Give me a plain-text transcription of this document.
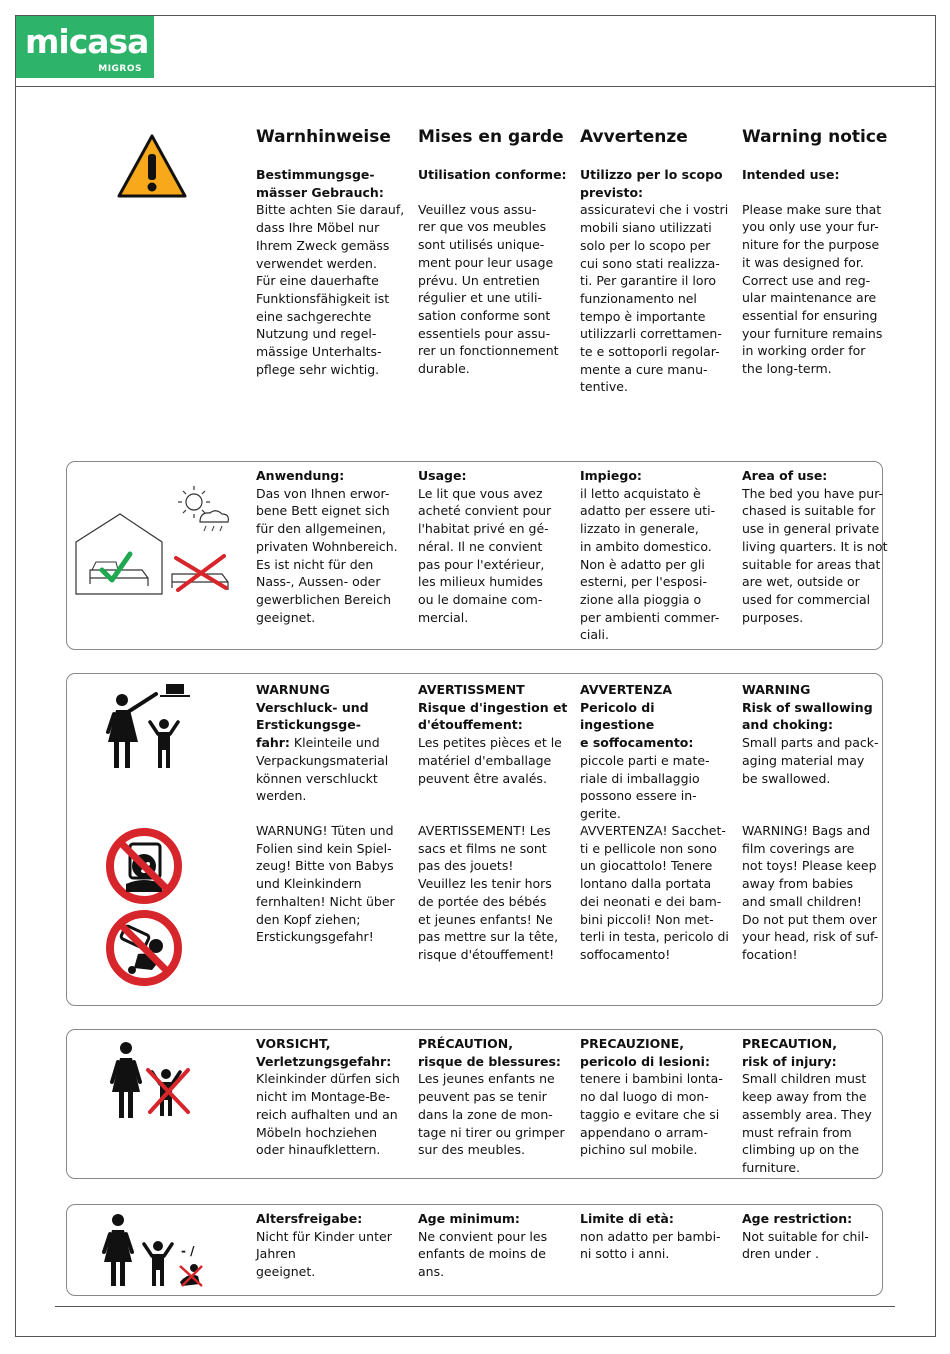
micasa
MIGROS
Warnhinweise	Mises en garde Avvertenze	Warning notice
Bestimmungsge-
mässer Gebrauch:
Bitte achten Sie darauf,
dass Ihre Möbel nur
Ihrem Zweck gemäss
verwendet werden.
Für eine dauerhafte
Funktionsfähigkeit ist
eine sachgerechte
Nutzung und regel-
mässige Unterhalts-
pflege sehr wichtig.
Utilisation conforme:
Veuillez vous assu-
rer que vos meubles
sont utilisés unique-
ment pour leur usage
prévu. Un entretien
régulier et une utili-
sation conforme sont
essentiels pour assu-
rer un fonctionnement
durable.
Utilizzo per lo scopo
previsto:
assicuratevi che i vostri
mobili siano utilizzati
solo per lo scopo per
cui sono stati realizza-
ti. Per garantire il loro
funzionamento nel
tempo è importante
utilizzarli correttamen-
te e sottoporli regolar-
mente a cure manu-
tentive.
Intended use:
Please make sure that
you only use your fur-
niture for the purpose
it was designed for.
Correct use and reg-
ular maintenance are
essential for ensuring
your furniture remains
in working order for
the long-term.
Anwendung:
Das von Ihnen erwor-
bene Bett eignet sich
für den allgemeinen,
privaten Wohnbereich.
Es ist nicht für den
Nass-, Aussen- oder
gewerblichen Bereich
geeignet.
Usage:
Le lit que vous avez
acheté convient pour
l'habitat privé en gé-
néral. Il ne convient
pas pour l'extérieur,
les milieux humides
ou le domaine com-
mercial.
Impiego:
il letto acquistato è
adatto per essere uti-
lizzato in generale,
in ambito domestico.
Non è adatto per gli
esterni, per l'esposi-
zione alla pioggia o
per ambienti commer-
ciali.
Area of use:
The bed you have pur-
chased is suitable for
use in general private
living quarters. It is not
suitable for areas that
are wet, outside or
used for commercial
purposes.
WARNUNG
Verschluck- und
Erstickungsge-
fahr: Kleinteile und
Verpackungsmaterial
können verschluckt
werden.
AVERTISSMENT
Risque d'ingestion et
d'étouffement:
Les petites pièces et le
matériel d'emballage
peuvent être avalés.
AVVERTENZA
Pericolo di ingestione
e soffocamento:
piccole parti e mate-
riale di imballaggio
possono essere in-
gerite.
WARNING
Risk of swallowing
and choking:
Small parts and pack-
aging material may
be swallowed.
WARNUNG! Tüten und
Folien sind kein Spiel-
zeug! Bitte von Babys
und Kleinkindern
fernhalten! Nicht über
den Kopf ziehen;
Erstickungsgefahr!
AVERTISSEMENT! Les
sacs et films ne sont
pas des jouets!
Veuillez les tenir hors
de portée des bébés
et jeunes enfants! Ne
pas mettre sur la tête,
risque d'étouffement!
AVVERTENZA! Sacchet-
ti e pellicole non sono
un giocattolo! Tenere
lontano dalla portata
dei neonati e dei bam-
bini piccoli! Non met-
terli in testa, pericolo di
soffocamento!
WARNING! Bags and
film coverings are
not toys! Please keep
away from babies
and small children!
Do not put them over
your head, risk of suf-
focation!
VORSICHT,
Verletzungsgefahr:
Kleinkinder dürfen sich
nicht im Montage-Be-
reich aufhalten und an
Möbeln hochziehen
oder hinaufklettern.
PRÉCAUTION,
risque de blessures:
Les jeunes enfants ne
peuvent pas se tenir
dans la zone de mon-
tage ni tirer ou grimper
sur des meubles.
PRECAUZIONE,
pericolo di lesioni:
tenere i bambini lonta-
no dal luogo di mon-
taggio e evitare che si
appendano o arram-
pichino sul mobile.
PRECAUTION,
risk of injury:
Small children must
keep away from the
assembly area. They
must refrain from
climbing up on the
furniture.
- /
Altersfreigabe:
Nicht für Kinder unter
Jahren
geeignet.
Age minimum:
Ne convient pour les
enfants de moins de
ans.
Limite di età:
non adatto per bambi-
ni sotto i anni.
Age restriction:
Not suitable for chil-
dren under .
